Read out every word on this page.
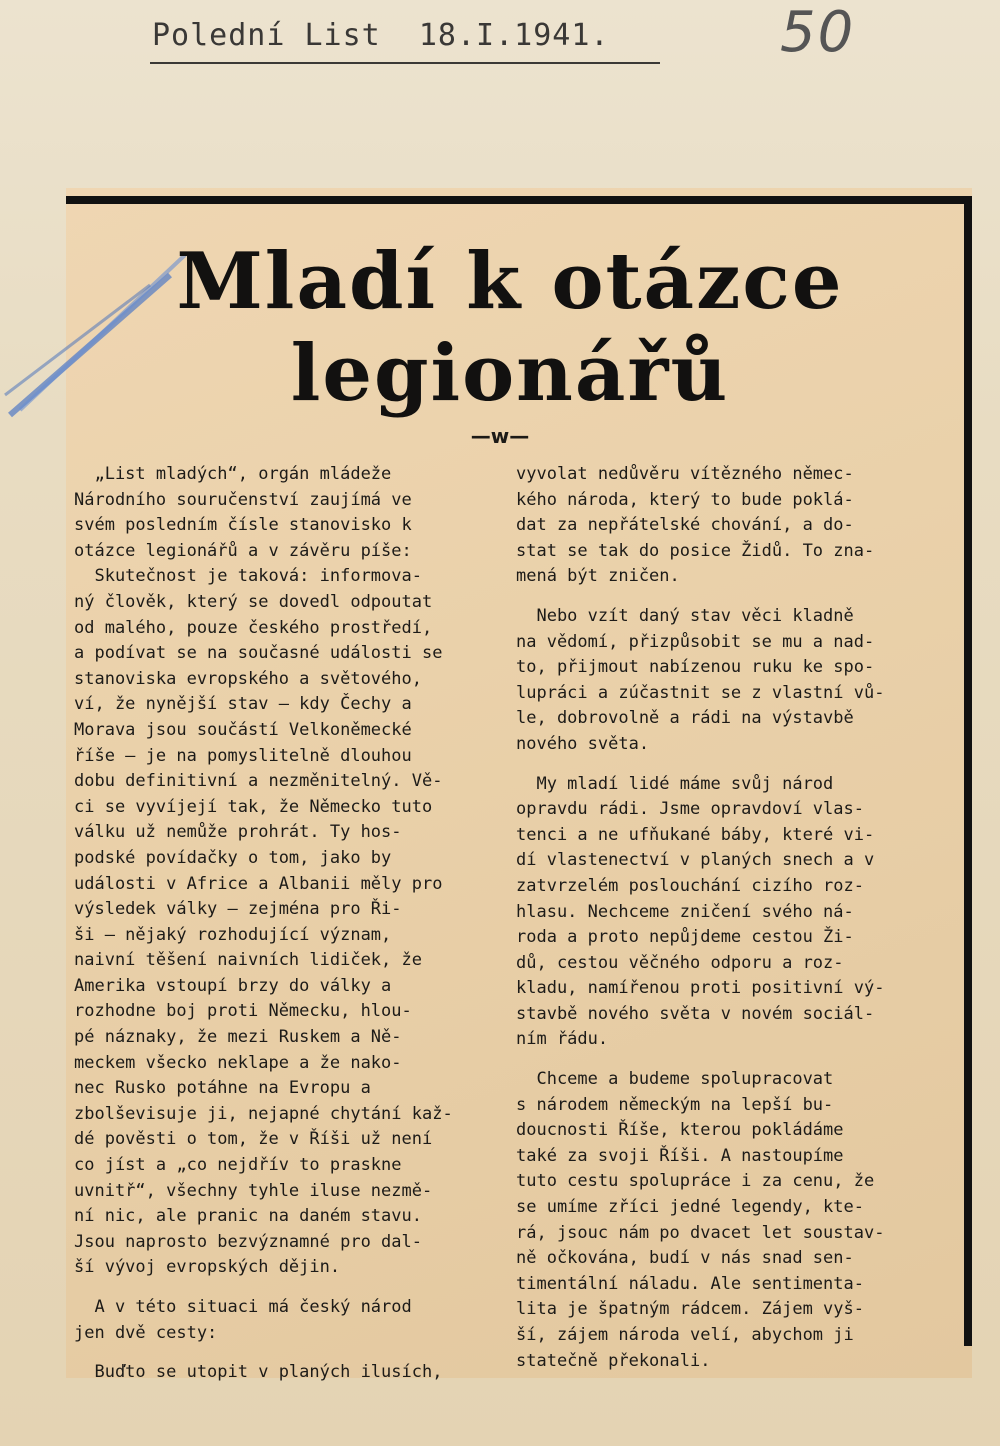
Polední List  18.I.1941.	50
Mladí k otázce
legionářů
—w—

„List mladých“, orgán mládeže

Národního souručenství zaujímá ve

svém posledním čísle stanovisko k

otázce legionářů a v závěru píše:

Skutečnost je taková: informova-

ný člověk, který se dovedl odpoutat

od malého, pouze českého prostředí,

a podívat se na současné události se

stanoviska evropského a světového,

ví, že nynější stav — kdy Čechy a

Morava jsou součástí Velkoněmecké

říše — je na pomyslitelně dlouhou

dobu definitivní a nezměnitelný. Vě-

ci se vyvíjejí tak, že Německo tuto

válku už nemůže prohrát. Ty hos-

podské povídačky o tom, jako by

události v Africe a Albanii měly pro

výsledek války — zejména pro Ři-

ši — nějaký rozhodující význam,

naivní těšení naivních lidiček, že

Amerika vstoupí brzy do války a

rozhodne boj proti Německu, hlou-

pé náznaky, že mezi Ruskem a Ně-

meckem všecko neklape a že nako-

nec Rusko potáhne na Evropu a

zbolševisuje ji, nejapné chytání kaž-

dé pověsti o tom, že v Říši už není

co jíst a „co nejdřív to praskne

uvnitř“, všechny tyhle iluse nezmě-

ní nic, ale pranic na daném stavu.

Jsou naprosto bezvýznamné pro dal-

ší vývoj evropských dějin.

A v této situaci má český národ

jen dvě cesty:

Buďto se utopit v planých ilusích,

vyvolat nedůvěru vítězného němec-

kého národa, který to bude poklá-

dat za nepřátelské chování, a do-

stat se tak do posice Židů. To zna-

mená být zničen.

Nebo vzít daný stav věci kladně

na vědomí, přizpůsobit se mu a nad-

to, přijmout nabízenou ruku ke spo-

lupráci a zúčastnit se z vlastní vů-

le, dobrovolně a rádi na výstavbě

nového světa.

My mladí lidé máme svůj národ

opravdu rádi. Jsme opravdoví vlas-

tenci a ne ufňukané báby, které vi-

dí vlastenectví v planých snech a v

zatvrzelém poslouchání cizího roz-

hlasu. Nechceme zničení svého ná-

roda a proto nepůjdeme cestou Ži-

dů, cestou věčného odporu a roz-

kladu, namířenou proti positivní vý-

stavbě nového světa v novém sociál-

ním řádu.

Chceme a budeme spolupracovat

s národem německým na lepší bu-

doucnosti Říše, kterou pokládáme

také za svoji Říši. A nastoupíme

tuto cestu spolupráce i za cenu, že

se umíme zříci jedné legendy, kte-

rá, jsouc nám po dvacet let soustav-

ně očkována, budí v nás snad sen-

timentální náladu. Ale sentimenta-

lita je špatným rádcem. Zájem vyš-

ší, zájem národa velí, abychom ji

statečně překonali.
